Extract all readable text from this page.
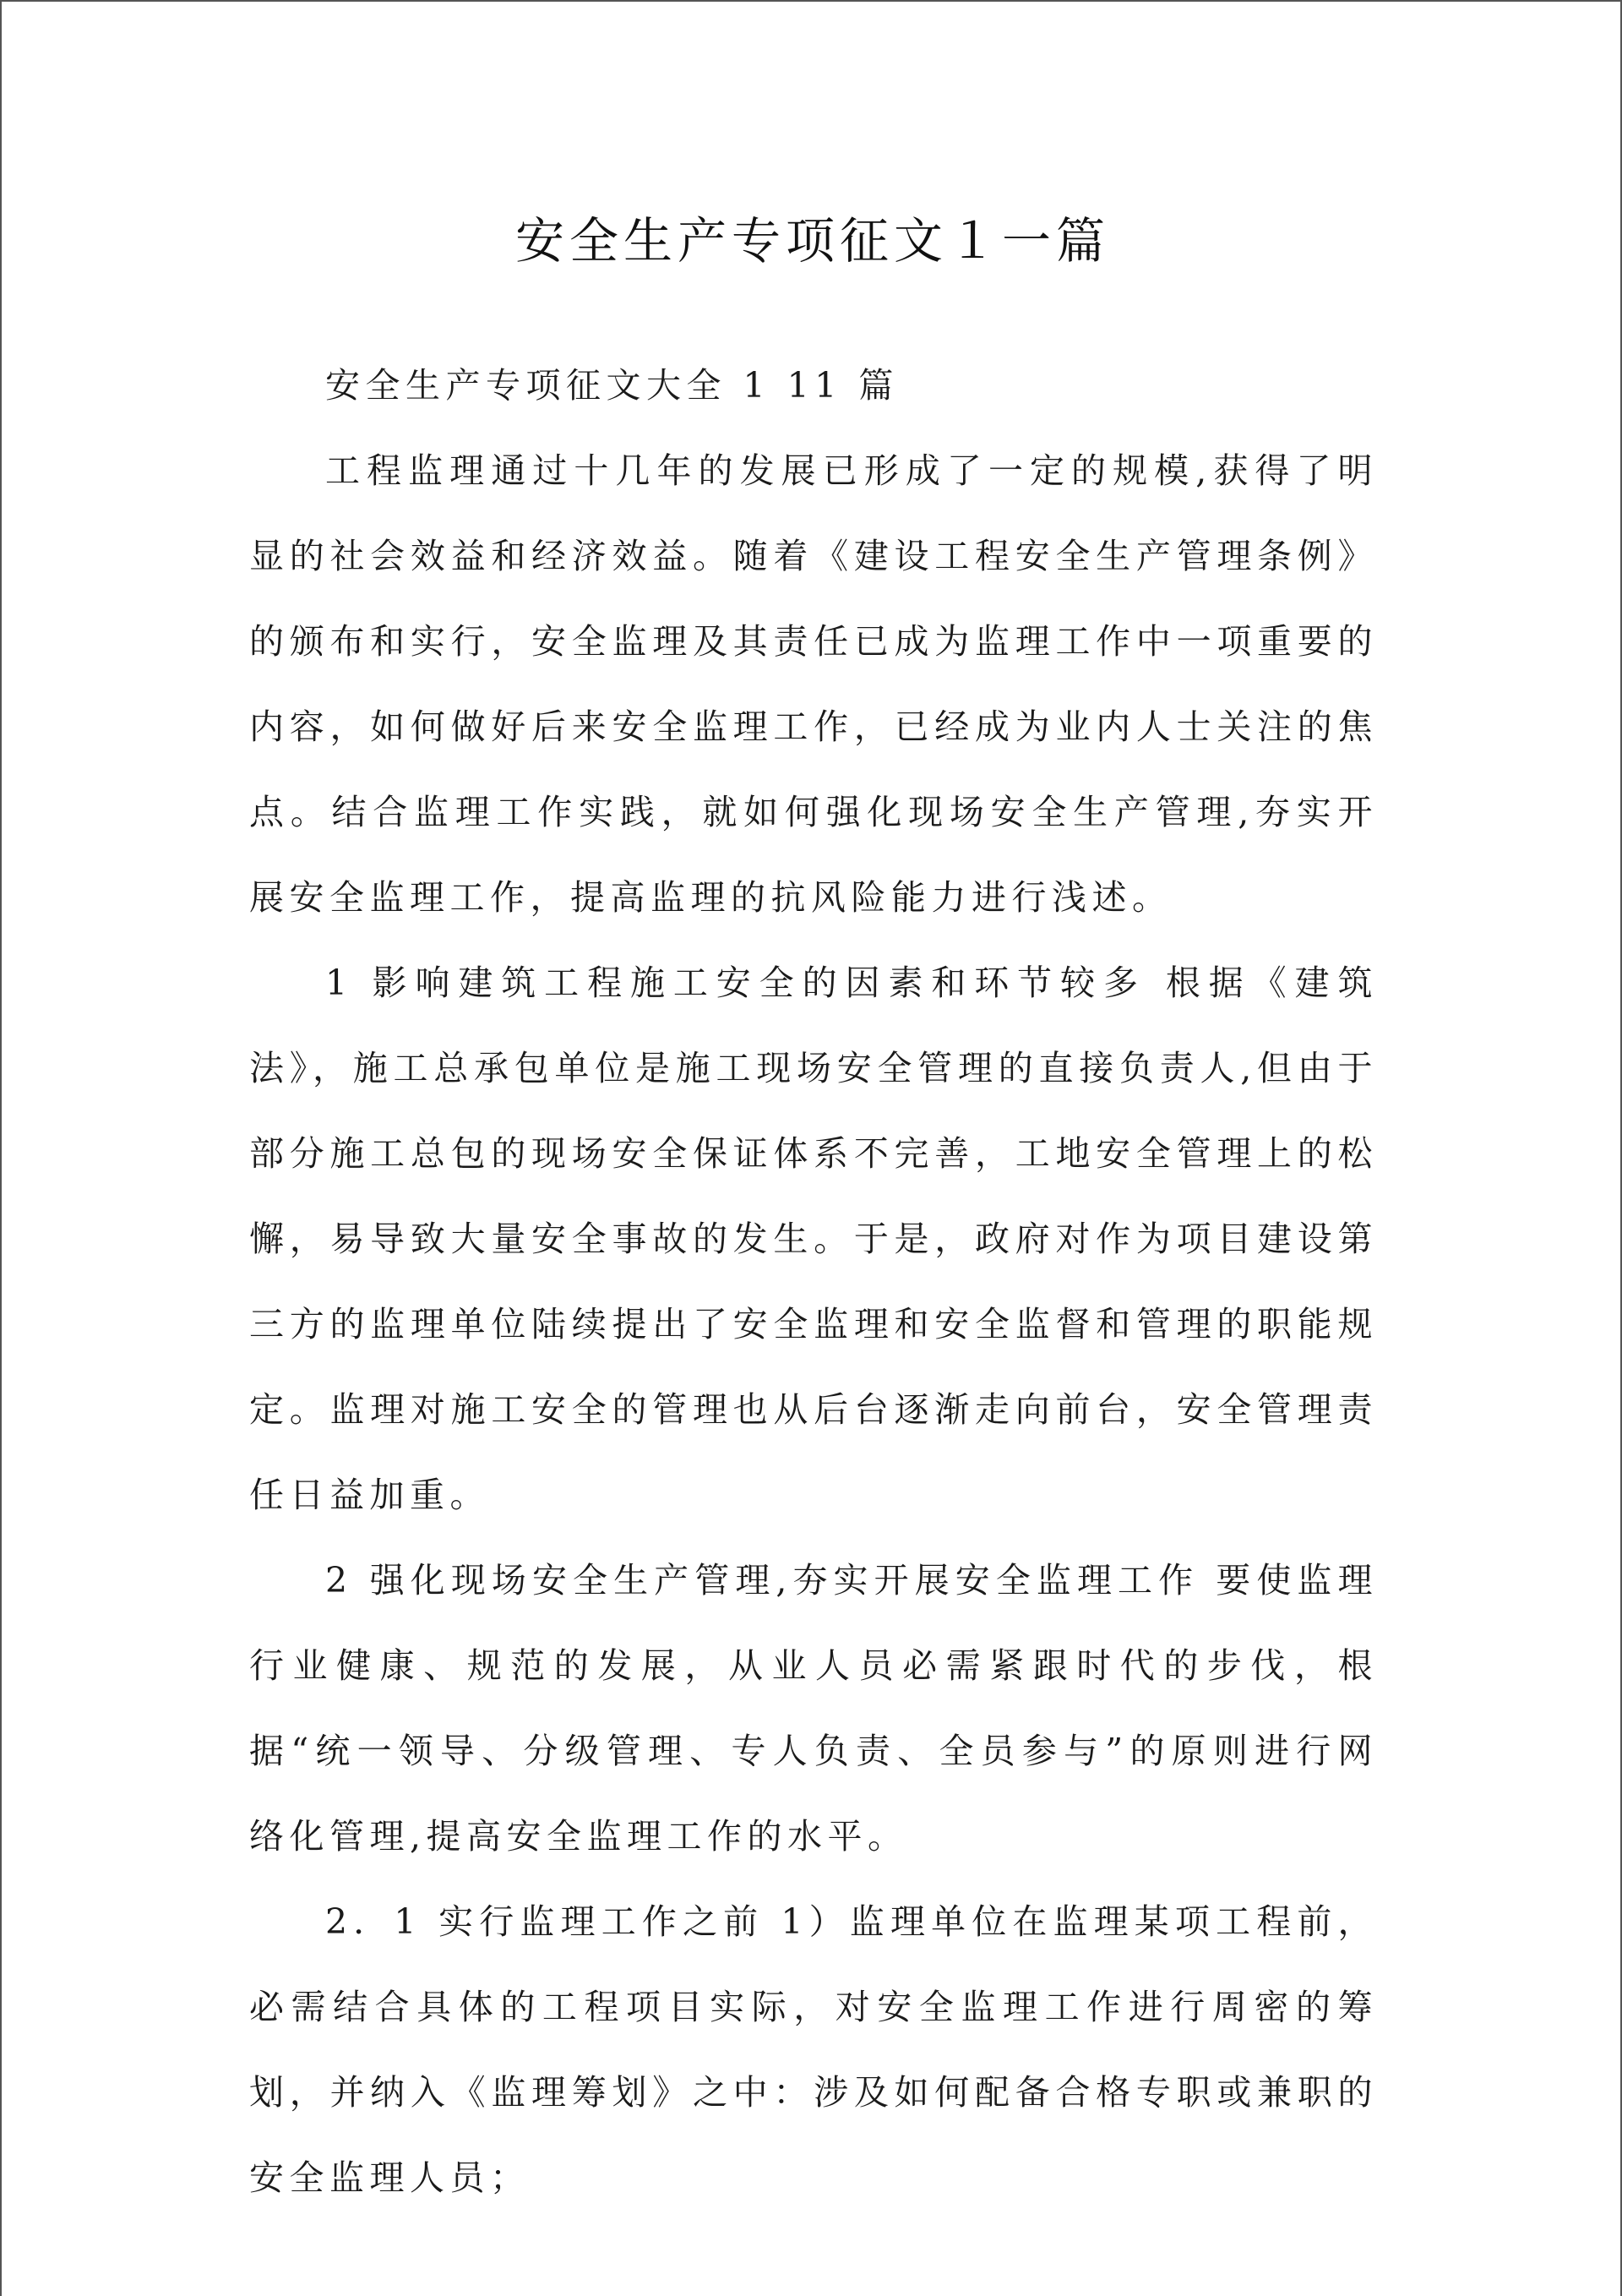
安全生产专项征文１一篇

安全生产专项征文大全 1 11 篇

工程监理通过十几年的发展已形成了一定的规模,获得了明显的社会效益和经济效益。随着《建设工程安全生产管理条例》的颁布和实行，安全监理及其责任已成为监理工作中一项重要的内容，如何做好后来安全监理工作，已经成为业内人士关注的焦点。结合监理工作实践，就如何强化现场安全生产管理,夯实开展安全监理工作，提高监理的抗风险能力进行浅述。

1 影响建筑工程施工安全的因素和环节较多 根据《建筑法》，施工总承包单位是施工现场安全管理的直接负责人,但由于部分施工总包的现场安全保证体系不完善，工地安全管理上的松懈，易导致大量安全事故的发生。于是，政府对作为项目建设第三方的监理单位陆续提出了安全监理和安全监督和管理的职能规定。监理对施工安全的管理也从后台逐渐走向前台，安全管理责任日益加重。

2 强化现场安全生产管理,夯实开展安全监理工作 要使监理行业健康、规范的发展，从业人员必需紧跟时代的步伐，根据“统一领导、分级管理、专人负责、全员参与”的原则进行网络化管理,提高安全监理工作的水平。

2．1 实行监理工作之前 1）监理单位在监理某项工程前，必需结合具体的工程项目实际，对安全监理工作进行周密的筹划，并纳入《监理筹划》之中：涉及如何配备合格专职或兼职的安全监理人员；
